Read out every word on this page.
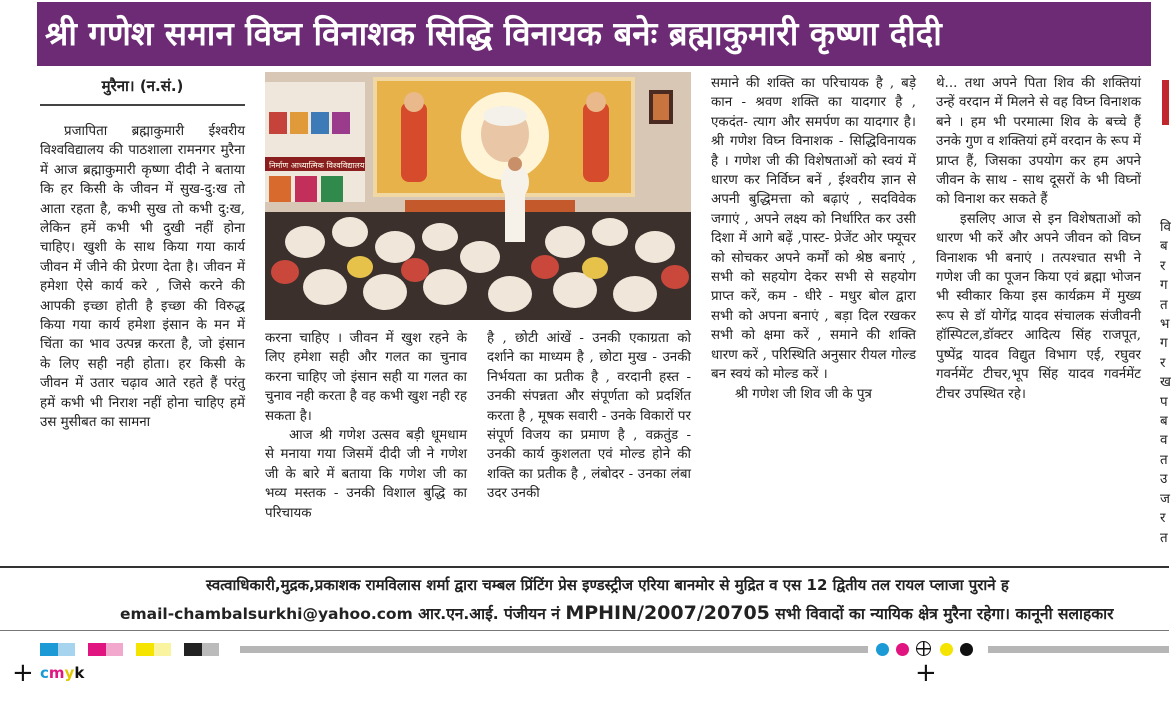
श्री गणेश समान विघ्न विनाशक सिद्धि विनायक बनेः ब्रह्माकुमारी कृष्णा दीदी
मुरैना। (न.सं.)

प्रजापिता ब्रह्माकुमारी ईश्वरीय विश्वविद्यालय की पाठशाला रामनगर मुरैना में आज ब्रह्माकुमारी कृष्णा दीदी ने बताया कि हर किसी के जीवन में सुख-दु:ख तो आता रहता है, कभी सुख तो कभी दु:ख, लेकिन हमें कभी भी दुखी नहीं होना चाहिए। खुशी के साथ किया गया कार्य जीवन में जीने की प्रेरणा देता है। जीवन में हमेशा ऐसे कार्य करे , जिसे करने की आपकी इच्छा होती है इच्छा की विरुद्ध किया गया कार्य हमेशा इंसान के मन में चिंता का भाव उत्पन्न करता है, जो इंसान के लिए सही नही होता। हर किसी के जीवन में उतार चढ़ाव आते रहते हैं परंतु हमें कभी भी निराश नहीं होना चाहिए हमें उस मुसीबत का सामना

निर्माण आध्यात्मिक विश्वविद्यालय

करना चाहिए । जीवन में खुश रहने के लिए हमेशा सही और गलत का चुनाव करना चाहिए जो इंसान सही या गलत का चुनाव नही करता है वह कभी खुश नही रह सकता है।

आज श्री गणेश उत्सव बड़ी धूमधाम से मनाया गया जिसमें दीदी जी ने गणेश जी के बारे में बताया कि गणेश जी का भव्य मस्तक - उनकी विशाल बुद्धि का परिचायक

है , छोटी आंखें - उनकी एकाग्रता को दर्शाने का माध्यम है , छोटा मुख - उनकी निर्भयता का प्रतीक है , वरदानी हस्त - उनकी संपन्नता और संपूर्णता को प्रदर्शित करता है , मूषक सवारी - उनके विकारों पर संपूर्ण विजय का प्रमाण है , वक्रतुंड - उनकी कार्य कुशलता एवं मोल्ड होने की शक्ति का प्रतीक है , लंबोदर - उनका लंबा उदर उनकी

समाने की शक्ति का परिचायक है , बड़े कान - श्रवण शक्ति का यादगार है , एकदंत- त्याग और समर्पण का यादगार है। श्री गणेश विघ्न विनाशक - सिद्धिविनायक है । गणेश जी की विशेषताओं को स्वयं में धारण कर निर्विघ्न बनें , ईश्वरीय ज्ञान से अपनी बुद्धिमत्ता को बढ़ाएं , सदविवेक जगाएं , अपने लक्ष्य को निर्धारित कर उसी दिशा में आगे बढ़ें ,पास्ट- प्रेजेंट ओर फ्यूचर को सोचकर अपने कर्मों को श्रेष्ठ बनाएं , सभी को सहयोग देकर सभी से सहयोग प्राप्त करें, कम - धीरे - मधुर बोल द्वारा सभी को अपना बनाएं , बड़ा दिल रखकर सभी को क्षमा करें , समाने की शक्ति धारण करें , परिस्थिति अनुसार रीयल गोल्ड बन स्वयं को मोल्ड करें ।

श्री गणेश जी शिव जी के पुत्र

थे... तथा अपने पिता शिव की शक्तियां उन्हें वरदान में मिलने से वह विघ्न विनाशक बने । हम भी परमात्मा शिव के बच्चे हैं उनके गुण व शक्तियां हमें वरदान के रूप में प्राप्त हैं, जिसका उपयोग कर हम अपने जीवन के साथ - साथ दूसरों के भी विघ्नों को विनाश कर सकते हैं

इसलिए आज से इन विशेषताओं को धारण भी करें और अपने जीवन को विघ्न विनाशक भी बनाएं । तत्पश्चात सभी ने गणेश जी का पूजन किया एवं ब्रह्मा भोजन भी स्वीकार किया इस कार्यक्रम में मुख्य रूप से डॉ योगेंद्र यादव संचालक संजीवनी हॉस्पिटल,डॉक्टर आदित्य सिंह राजपूत, पुष्पेंद्र यादव विद्युत विभाग एई, रघुवर गवर्नमेंट टीचर,भूप सिंह यादव गवर्नमेंट टीचर उपस्थित रहे।

वि
ब
र
ग
त
भ
ग
र
ख
प
ब
व
त
उ
ज
र
त
स्वत्वाधिकारी,मुद्रक,प्रकाशक रामविलास शर्मा द्वारा चम्बल प्रिंटिंग प्रेस इण्डस्ट्रीज एरिया बानमोर से मुद्रित व एस 12 द्वितीय तल रायल प्लाजा पुराने ह
email-chambalsurkhi@yahoo.com आर.एन.आई. पंजीयन नं MPHIN/2007/20705 सभी विवादों का न्यायिक क्षेत्र मुरैना रहेगा। कानूनी सलाहकार
+ cmyk	+
